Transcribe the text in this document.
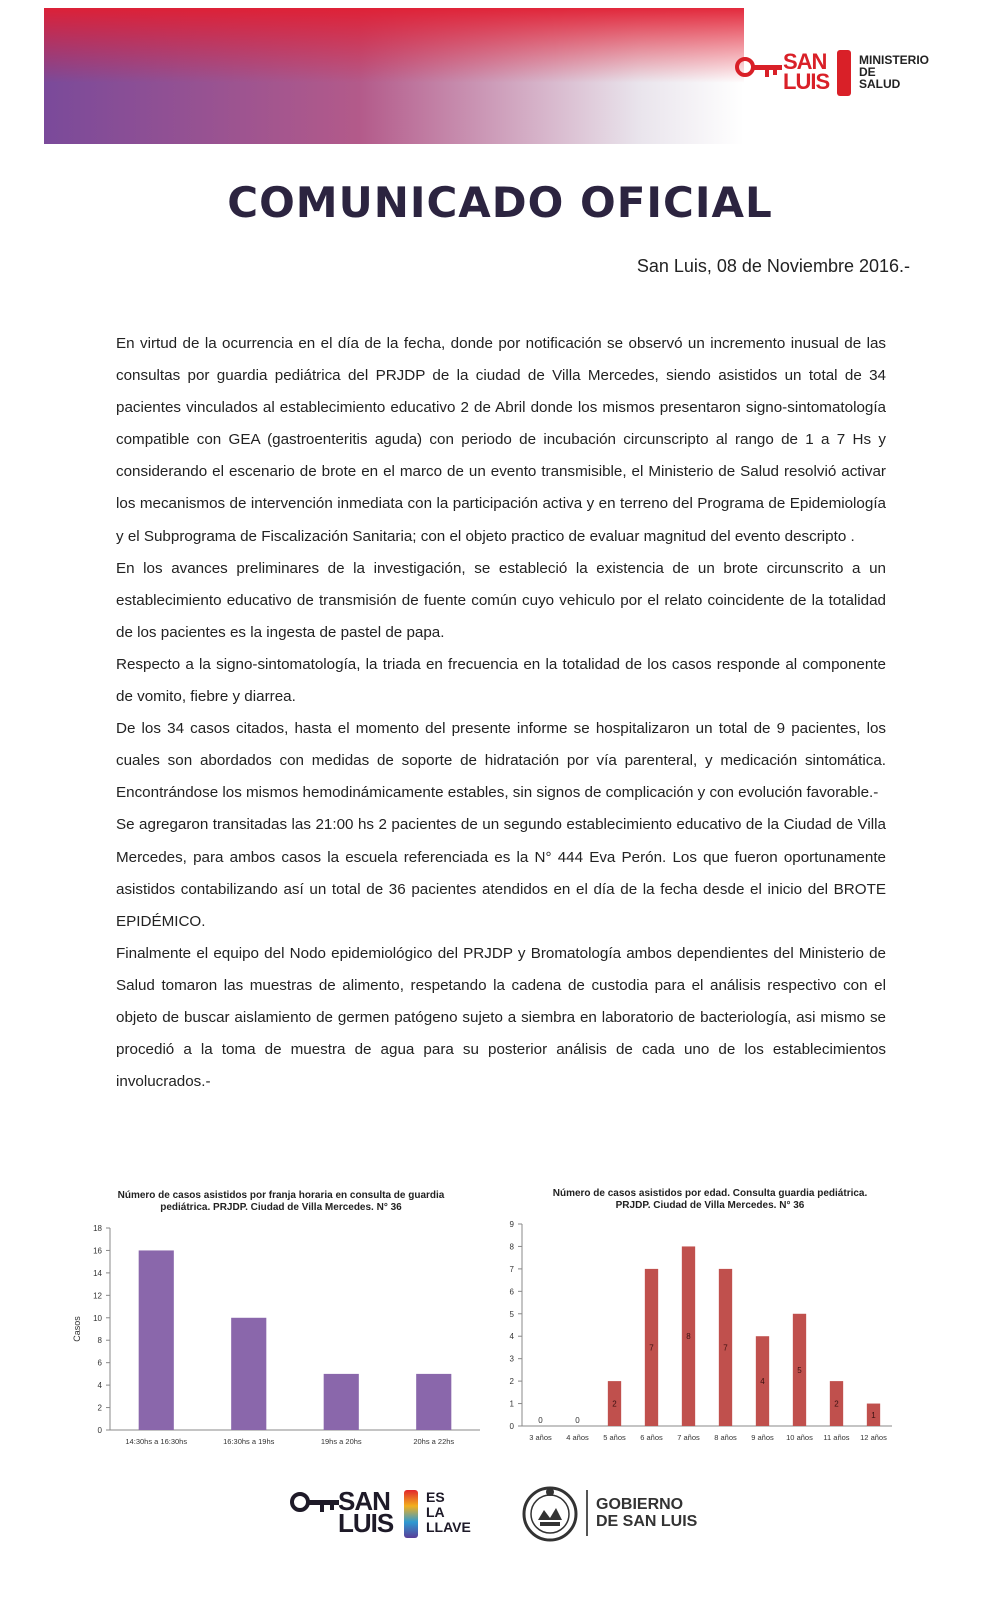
SAN
LUIS
MINISTERIO
DE
SALUD
COMUNICADO OFICIAL
San Luis, 08 de Noviembre 2016.-

En virtud de la ocurrencia en el día de la fecha, donde por notificación se observó un incremento inusual de las consultas por guardia pediátrica del PRJDP de la ciudad de Villa Mercedes, siendo asistidos un total de 34 pacientes vinculados al establecimiento educativo 2 de Abril donde los mismos presentaron signo-sintomatología compatible con GEA (gastroenteritis aguda) con periodo de incubación circunscripto al rango de 1 a 7 Hs y considerando el escenario de brote en el marco de un evento transmisible, el Ministerio de Salud resolvió activar los mecanismos de intervención inmediata con la participación activa y en terreno del Programa de Epidemiología y el Subprograma de Fiscalización Sanitaria; con el objeto practico de evaluar magnitud del evento descripto .

En los avances preliminares de la investigación, se estableció la existencia de un brote circunscrito a un establecimiento educativo de transmisión de fuente común cuyo vehiculo por el relato coincidente de la totalidad de los pacientes es la ingesta de pastel de papa.

Respecto a la signo-sintomatología, la triada en frecuencia en la totalidad de los casos responde al componente de vomito, fiebre y diarrea.

De los 34 casos citados, hasta el momento del presente informe se hospitalizaron un total de 9 pacientes, los cuales son abordados con medidas de soporte de hidratación por vía parenteral, y medicación sintomática. Encontrándose los mismos hemodinámicamente estables, sin signos de complicación y con evolución favorable.-

Se agregaron transitadas las 21:00 hs 2 pacientes de un segundo establecimiento educativo de la Ciudad de Villa Mercedes, para ambos casos la escuela referenciada es la N° 444 Eva Perón. Los que fueron oportunamente asistidos contabilizando así un total de 36 pacientes atendidos en el día de la fecha desde el inicio del BROTE EPIDÉMICO.

Finalmente el equipo del Nodo epidemiológico del PRJDP y Bromatología ambos dependientes del Ministerio de Salud tomaron las muestras de alimento, respetando la cadena de custodia para el análisis respectivo con el objeto de buscar aislamiento de germen patógeno sujeto a siembra en laboratorio de bacteriología, asi mismo se procedió a la toma de muestra de agua para su posterior análisis de cada uno de los establecimientos involucrados.-

Número de casos asistidos por franja horaria en consulta de guardia pediátrica. PRJDP. Ciudad de Villa Mercedes. N° 36
0
2
4
6
8
10
12
14
16
18
Casos
14:30hs a 16:30hs	16:30hs a 19hs	19hs a 20hs	20hs a 22hs
Número de casos asistidos por edad. Consulta guardia pediátrica. PRJDP. Ciudad de Villa Mercedes. N° 36
0
1
2
3
4
5
6
7
8
9
0
3 años
0
4 años
2
5 años
7
6 años
8
7 años
7
8 años
4
9 años
5
10 años
2
11 años
1
12 años
SAN
LUIS
ES
LA
LLAVE
GOBIERNO
DE SAN LUIS
